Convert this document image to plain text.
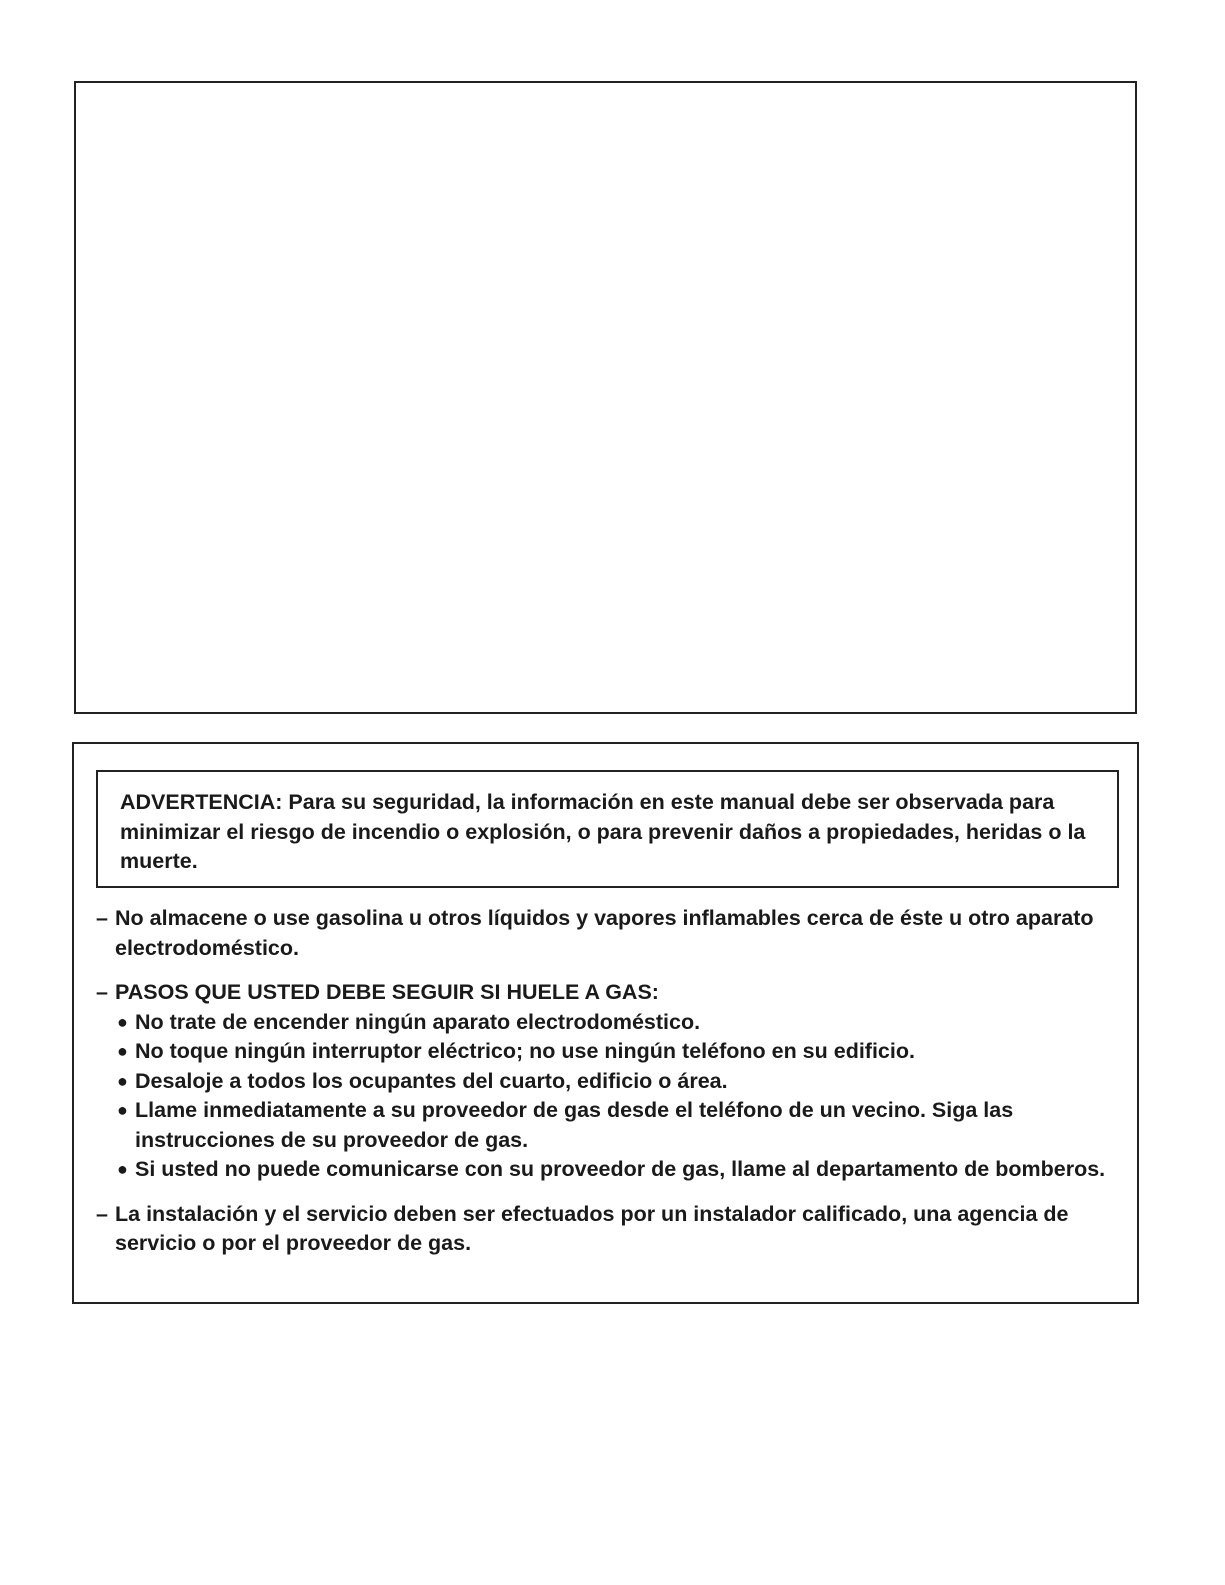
ADVERTENCIA: Para su seguridad, la información en este manual debe ser observada para minimizar el riesgo de incendio o explosión, o para prevenir daños a propiedades, heridas o la muerte.
– No almacene o use gasolina u otros líquidos y vapores inflamables cerca de éste u otro aparato electrodoméstico.
– PASOS QUE USTED DEBE SEGUIR SI HUELE A GAS:
● No trate de encender ningún aparato electrodoméstico.
● No toque ningún interruptor eléctrico; no use ningún teléfono en su edificio.
● Desaloje a todos los ocupantes del cuarto, edificio o área.
● Llame inmediatamente a su proveedor de gas desde el teléfono de un vecino. Siga las instrucciones de su proveedor de gas.
● Si usted no puede comunicarse con su proveedor de gas, llame al departamento de bomberos.
– La instalación y el servicio deben ser efectuados por un instalador calificado, una agencia de servicio o por el proveedor de gas.
